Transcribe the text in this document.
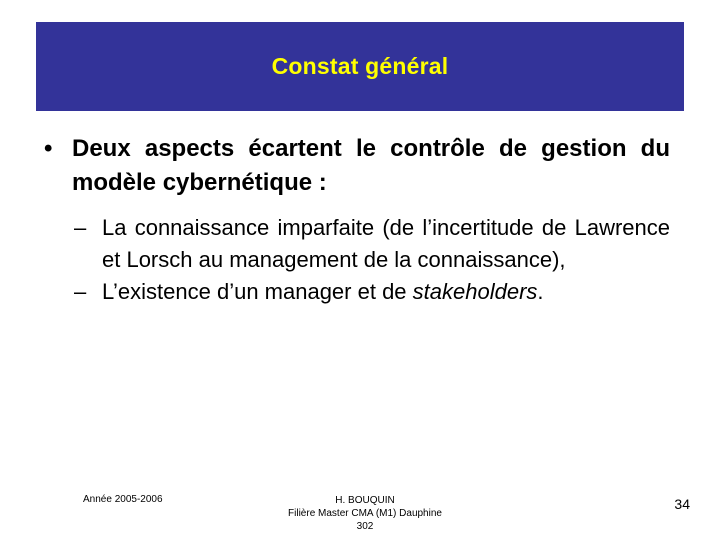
Constat général
• Deux aspects écartent le contrôle de gestion du modèle cybernétique :
– La connaissance imparfaite (de l’incertitude de Lawrence et Lorsch au management de la connaissance),
– L’existence d’un manager et de stakeholders.
Année 2005-2006	H. BOUQUIN
Filière Master CMA (M1) Dauphine
302
34
